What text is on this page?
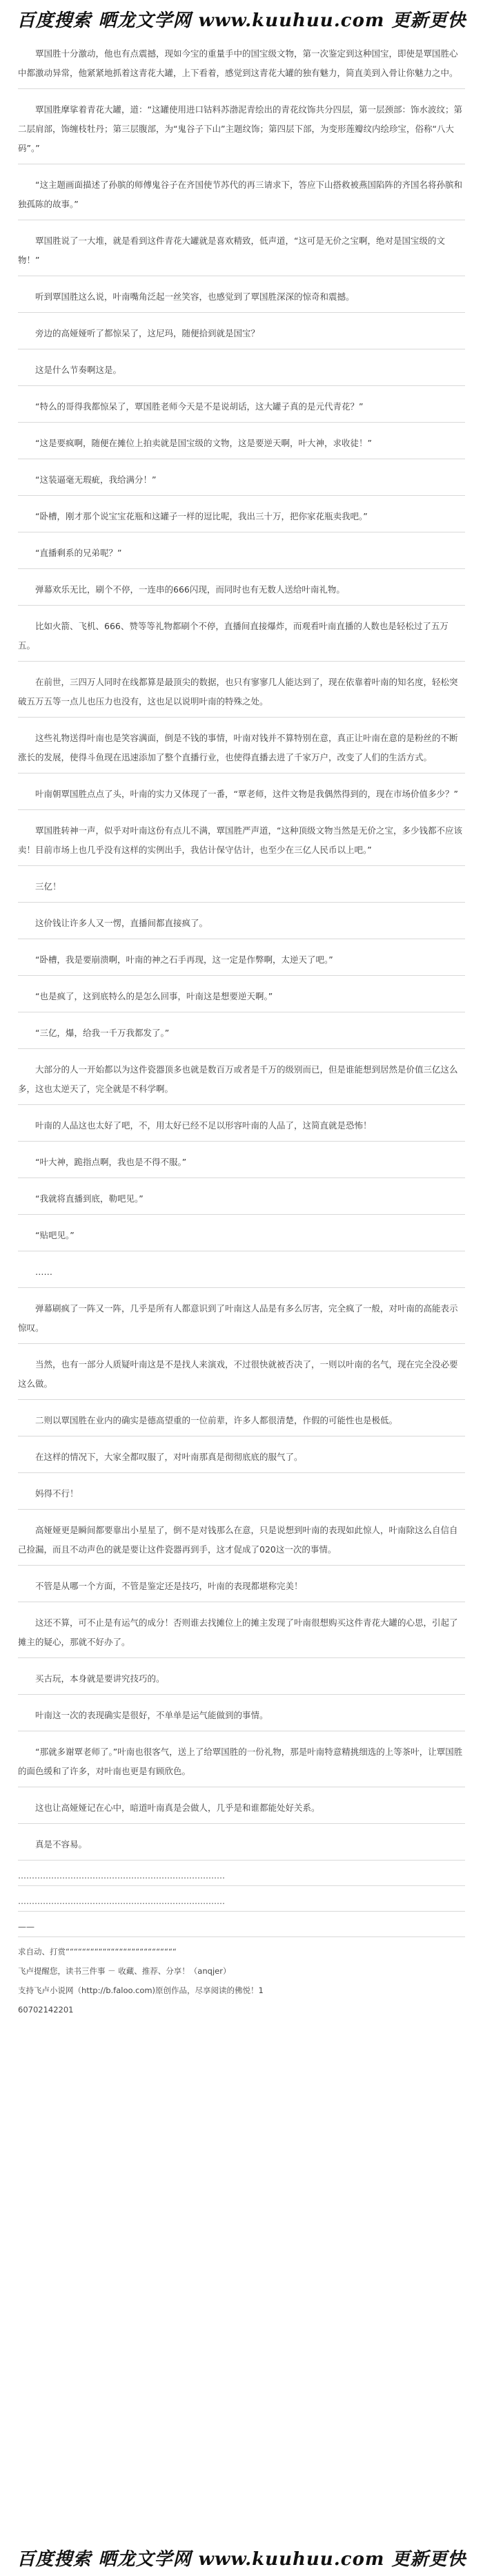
百度搜索 晒龙文学网 www.kuuhuu.com 更新更快
覃国胜十分激动，他也有点震撼，现如今宝的重量手中的国宝级文物，第一次鉴定到这种国宝，即使是覃国胜心中都激动异常，他紧紧地抓着这青花大罐，上下看着，感觉到这青花大罐的独有魅力，简直美到入骨让你魅力之中。
覃国胜摩挲着青花大罐，道：“这罐使用进口钴料苏渤泥青绘出的青花纹饰共分四层，第一层颈部：饰水波纹；第二层肩部，饰缠枝牡丹；第三层腹部，为“鬼谷子下山”主题纹饰；第四层下部，为变形莲瓣纹内绘珍宝，俗称“八大码”。”
“这主题画面描述了孙膑的师傅鬼谷子在齐国使节苏代的再三请求下，答应下山搭救被燕国陷阵的齐国名将孙膑和独孤陈的故事。”
覃国胜说了一大堆，就是看到这件青花大罐就是喜欢精致，低声道，“这可是无价之宝啊，绝对是国宝级的文物！”
听到覃国胜这么说，叶南嘴角泛起一丝笑容，也感觉到了覃国胜深深的惊奇和震撼。
旁边的高娅娅听了都惊呆了，这尼玛，随便拾到就是国宝？
这是什么节奏啊这是。
“特么的哥得我都惊呆了，覃国胜老师今天是不是说胡话，这大罐子真的是元代青花？”
“这是要疯啊，随便在摊位上拍卖就是国宝级的文物，这是要逆天啊，叶大神，求收徒！”
“这装逼毫无瑕疵，我给满分！”
“卧槽，刚才那个说宝宝花瓶和这罐子一样的逗比呢，我出三十万，把你家花瓶卖我吧。”
“直播剩系的兄弟呢？”
弹幕欢乐无比，刷个不停，一连串的666闪现，而同时也有无数人送给叶南礼物。
比如火箭、飞机、666、赞等等礼物都刷个不停，直播间直接爆炸，而观看叶南直播的人数也是轻松过了五万五。
在前世，三四万人同时在线都算是最顶尖的数据，也只有寥寥几人能达到了，现在依靠着叶南的知名度，轻松突破五万五等一点儿也压力也没有，这也足以说明叶南的特殊之处。
这些礼物送得叶南也是笑容满面，倒是不钱的事情，叶南对钱并不算特别在意，真正让叶南在意的是粉丝的不断涨长的发展，使得斗鱼现在迅速添加了整个直播行业，也使得直播去进了千家万户，改变了人们的生活方式。
叶南朝覃国胜点点了头，叶南的实力又体现了一番，“覃老师，这件文物是我偶然得到的，现在市场价值多少？”
覃国胜转神一声，似乎对叶南这份有点儿不满，覃国胜严声道，“这种顶级文物当然是无价之宝，多少钱都不应该卖！目前市场上也几乎没有这样的实例出手，我估计保守估计，也至少在三亿人民币以上吧。”
三亿！
这价钱让许多人又一愣，直播间都直接疯了。
“卧槽，我是要崩溃啊，叶南的神之石手再现，这一定是作弊啊，太逆天了吧。”
“也是疯了，这到底特么的是怎么回事，叶南这是想要逆天啊。”
“三亿，爆，给我一千万我都发了。”
大部分的人一开始都以为这件瓷器顶多也就是数百万或者是千万的级别而已，但是谁能想到居然是价值三亿这么多，这也太逆天了，完全就是不科学啊。
叶南的人品这也太好了吧，不，用太好已经不足以形容叶南的人品了，这简直就是恐怖！
“叶大神，跪指点啊，我也是不得不服。”
“我就将直播到底，勒吧见。”
“贴吧见。”
……
弹幕刷疯了一阵又一阵，几乎是所有人都意识到了叶南这人品是有多么厉害，完全疯了一般，对叶南的高能表示惊叹。
当然，也有一部分人质疑叶南这是不是找人来演戏，不过很快就被否决了，一则以叶南的名气，现在完全没必要这么做。
二则以覃国胜在业内的确实是德高望重的一位前辈，许多人都很清楚，作假的可能性也是极低。
在这样的情况下，大家全都叹服了，对叶南那真是彻彻底底的服气了。
妈得不行！
高娅娅更是瞬间都要靠出小星星了，倒不是对钱那么在意，只是说想到叶南的表现如此惊人，叶南除这么自信自己捡漏，而且不动声色的就是要让这件瓷器再到手，这才促成了020这一次的事情。
不管是从哪一个方面，不管是鉴定还是技巧，叶南的表现都堪称完美！
这还不算，可不止是有运气的成分！否则谁去找摊位上的摊主发现了叶南很想购买这件青花大罐的心思，引起了摊主的疑心，那就不好办了。
买古玩，本身就是要讲究技巧的。
叶南这一次的表现确实是很好，不单单是运气能做到的事情。
“那就多谢覃老师了。”叶南也很客气，送上了给覃国胜的一份礼物，那是叶南特意精挑细选的上等茶叶，让覃国胜的面色缓和了许多，对叶南也更是有顾欣色。
这也让高娅娅记在心中，暗道叶南真是会做人，几乎是和谁都能处好关系。
真是不容易。
…………………………………………………………………
…………………………………………………………………
——
求自动、打赏“““““““““““““““““““““““““““
飞卢提醒您，读书三件事 － 收藏、推荐、分享！（anqjer）
支持飞卢小说网（http://b.faloo.com)原创作品，尽享阅读的佛悦！1
60702142201
百度搜索 晒龙文学网 www.kuuhuu.com 更新更快
